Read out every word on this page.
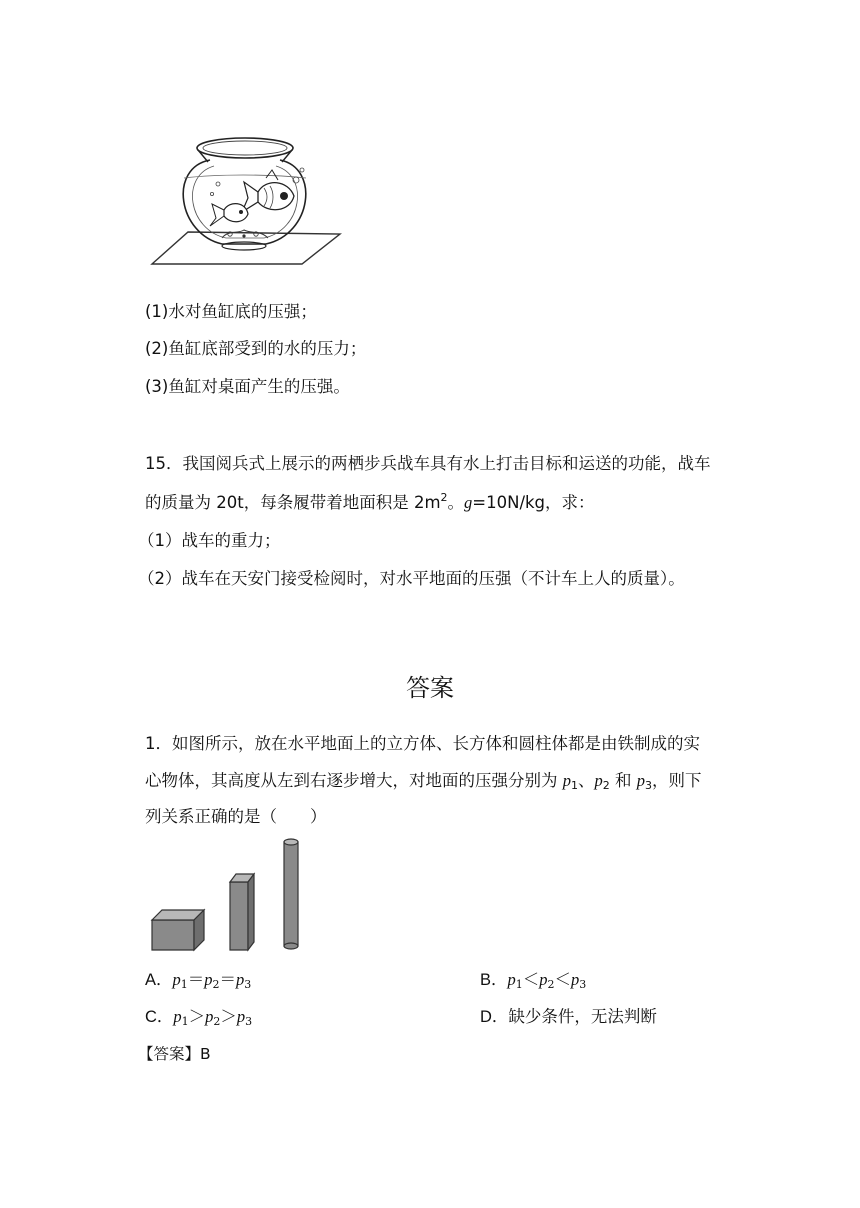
(1)水对鱼缸底的压强；
(2)鱼缸底部受到的水的压力；
(3)鱼缸对桌面产生的压强。
15．我国阅兵式上展示的两栖步兵战车具有水上打击目标和运送的功能，战车
的质量为 20t，每条履带着地面积是 $2m^2$。g=10N/kg，求：
（1）战车的重力；
（2）战车在天安门接受检阅时，对水平地面的压强（不计车上人的质量）。
答案
1．如图所示，放在水平地面上的立方体、长方体和圆柱体都是由铁制成的实
心物体，其高度从左到右逐步增大，对地面的压强分别为 $p_1$、$p_2$ 和 $p_3$，则下
列关系正确的是（　　）
A．$p_1=p_2=p_3$	B．$p_1<p_2<p_3$
C．$p_1>p_2>p_3$	D．缺少条件，无法判断
【答案】B
